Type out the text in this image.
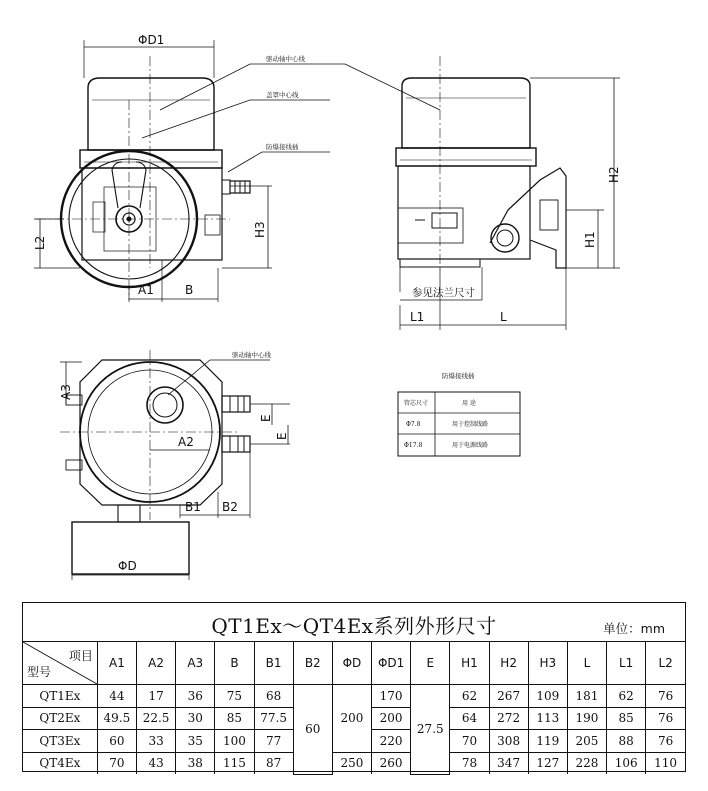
ΦD1
A1	B
L2
H3
H2
H1
L1	L
A3
A2
B1 B2
E
E
ΦD
驱动轴中心线
盖罩中心线
防爆接线插
驱动轴中心线
参见法兰尺寸
防爆接线插
管芯尺寸	用 途
Φ7.8	用于控制线路
Φ17.8	用于电源线路
QT1Ex～QT4Ex系列外形尺寸	单位：mm
项目
型号	A1	A2	A3	B	B1	B2	ΦD	ΦD1	E	H1	H2	H3	L	L1	L2
QT1Ex	44	17	36	75	68	60	200	170	27.5	62	267	109	181	62	76
QT2Ex	49.5	22.5	30	85	77.5			200		64	272	113	190	85	76
QT3Ex	60	33	35	100	77			220		70	308	119	205	88	76
QT4Ex	70	43	38	115	87		250	260		78	347	127	228	106	110
